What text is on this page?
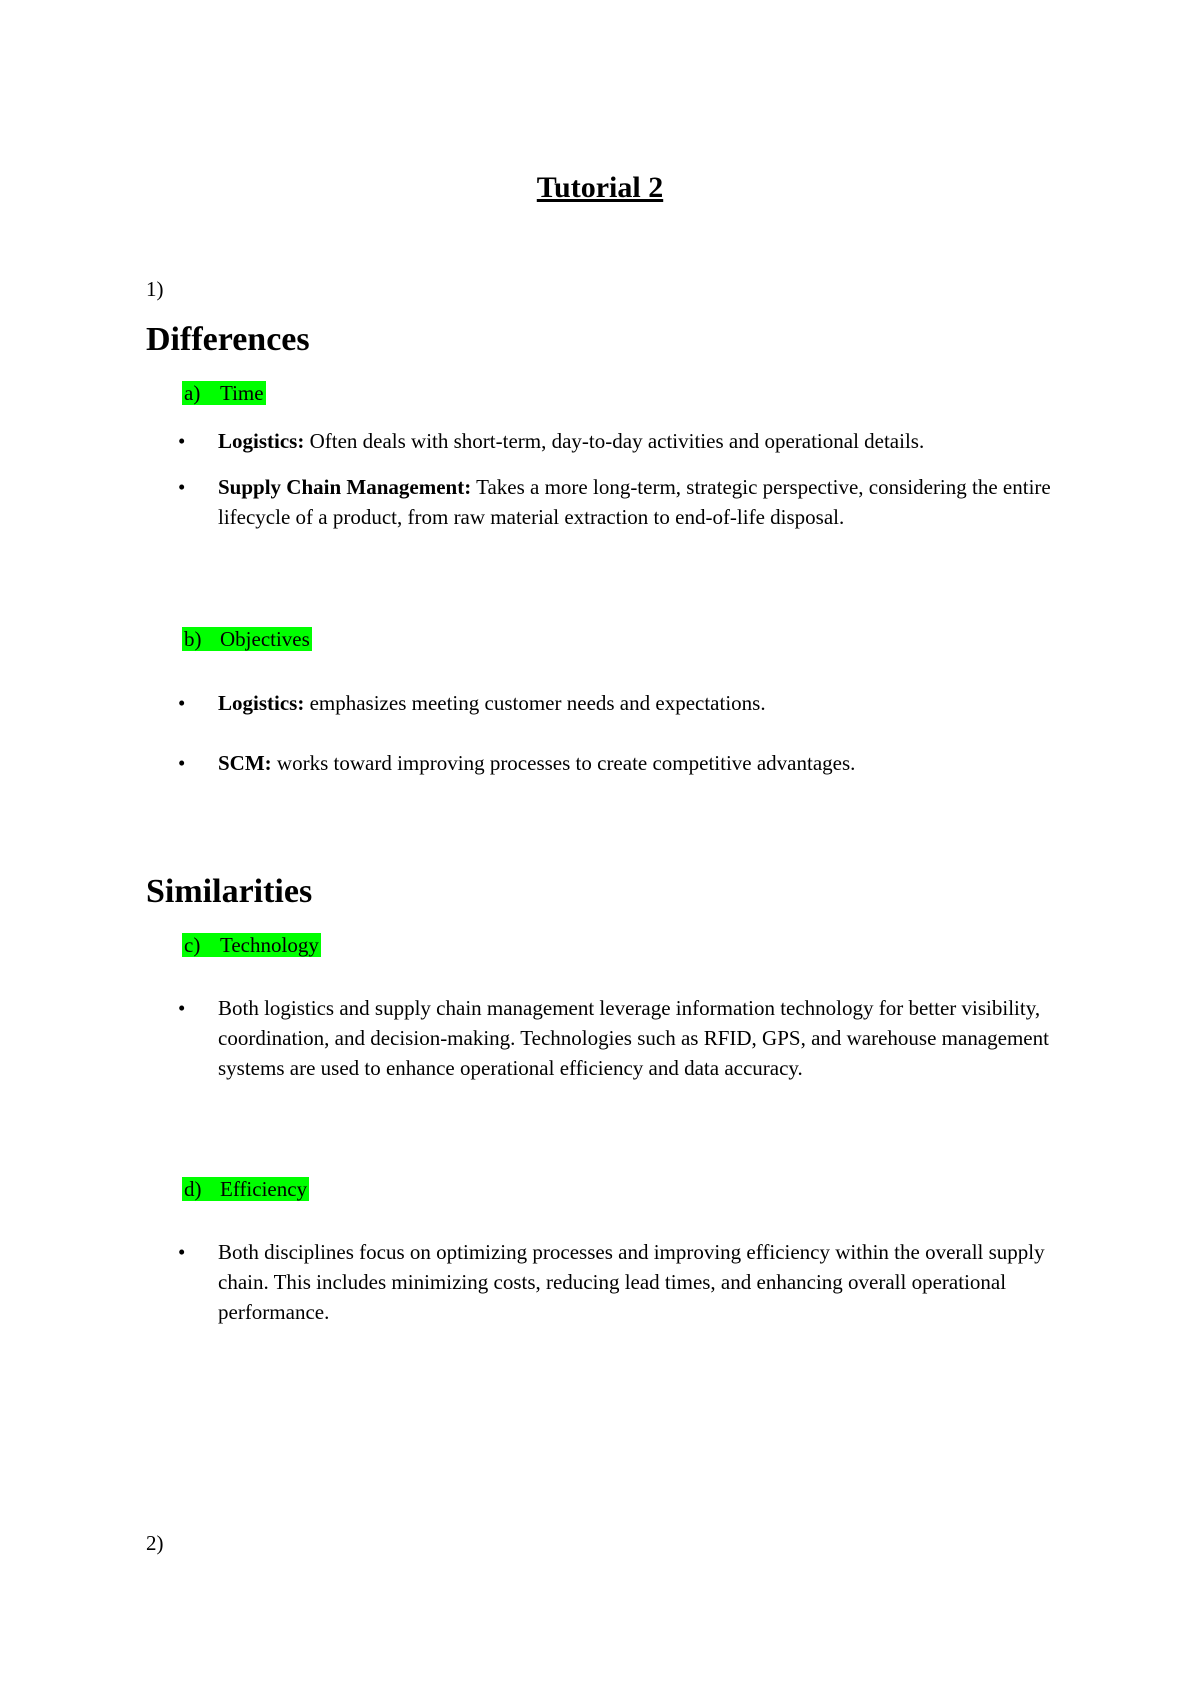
Tutorial 2
1)
Differences
a) Time
•	Logistics: Often deals with short-term, day-to-day activities and operational details.
•	Supply Chain Management: Takes a more long-term, strategic perspective, considering the entire lifecycle of a product, from raw material extraction to end-of-life disposal.
b) Objectives
•	Logistics: emphasizes meeting customer needs and expectations.
•	SCM: works toward improving processes to create competitive advantages.
Similarities
c) Technology
•	Both logistics and supply chain management leverage information technology for better visibility, coordination, and decision-making. Technologies such as RFID, GPS, and warehouse management systems are used to enhance operational efficiency and data accuracy.
d) Efficiency
•	Both disciplines focus on optimizing processes and improving efficiency within the overall supply chain. This includes minimizing costs, reducing lead times, and enhancing overall operational performance.
2)
